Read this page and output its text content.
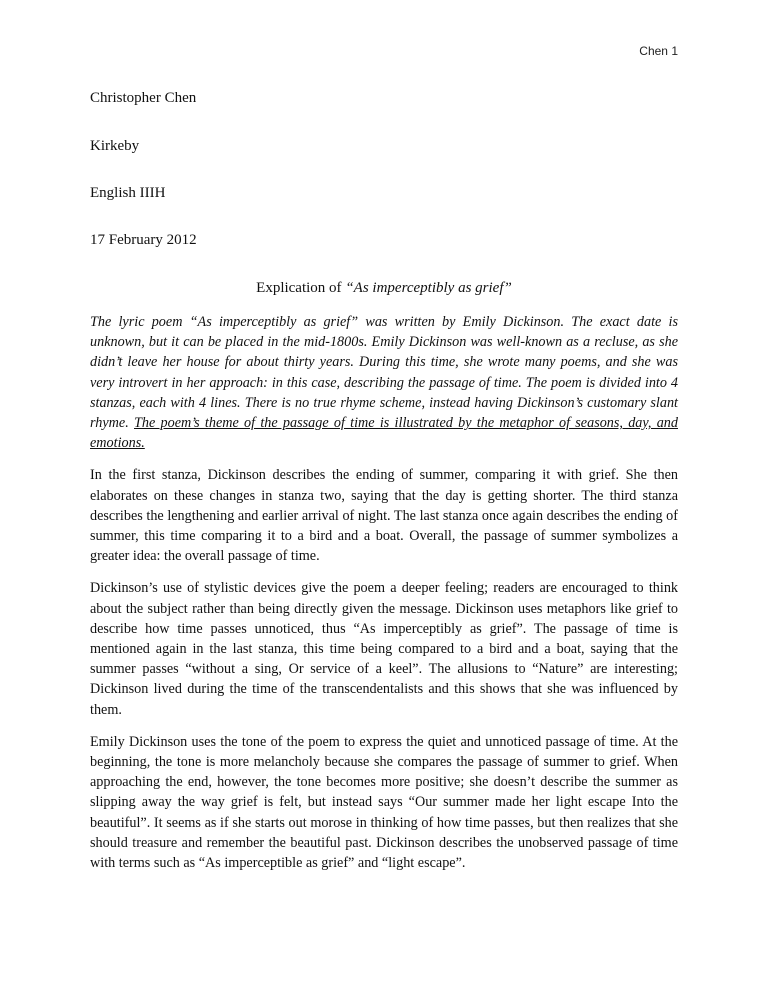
Chen 1
Christopher Chen
Kirkeby
English IIIH
17 February 2012
Explication of “As imperceptibly as grief”

The lyric poem “As imperceptibly as grief” was written by Emily Dickinson. The exact date is unknown, but it can be placed in the mid-1800s. Emily Dickinson was well-known as a recluse, as she didn’t leave her house for about thirty years. During this time, she wrote many poems, and she was very introvert in her approach: in this case, describing the passage of time. The poem is divided into 4 stanzas, each with 4 lines. There is no true rhyme scheme, instead having Dickinson’s customary slant rhyme. The poem’s theme of the passage of time is illustrated by the metaphor of seasons, day, and emotions.

In the first stanza, Dickinson describes the ending of summer, comparing it with grief. She then elaborates on these changes in stanza two, saying that the day is getting shorter. The third stanza describes the lengthening and earlier arrival of night. The last stanza once again describes the ending of summer, this time comparing it to a bird and a boat. Overall, the passage of summer symbolizes a greater idea: the overall passage of time.

Dickinson’s use of stylistic devices give the poem a deeper feeling; readers are encouraged to think about the subject rather than being directly given the message. Dickinson uses metaphors like grief to describe how time passes unnoticed, thus “As imperceptibly as grief”. The passage of time is mentioned again in the last stanza, this time being compared to a bird and a boat, saying that the summer passes “without a sing, Or service of a keel”. The allusions to “Nature” are interesting; Dickinson lived during the time of the transcendentalists and this shows that she was influenced by them.

Emily Dickinson uses the tone of the poem to express the quiet and unnoticed passage of time. At the beginning, the tone is more melancholy because she compares the passage of summer to grief. When approaching the end, however, the tone becomes more positive; she doesn’t describe the summer as slipping away the way grief is felt, but instead says “Our summer made her light escape Into the beautiful”. It seems as if she starts out morose in thinking of how time passes, but then realizes that she should treasure and remember the beautiful past. Dickinson describes the unobserved passage of time with terms such as “As imperceptible as grief” and “light escape”.
